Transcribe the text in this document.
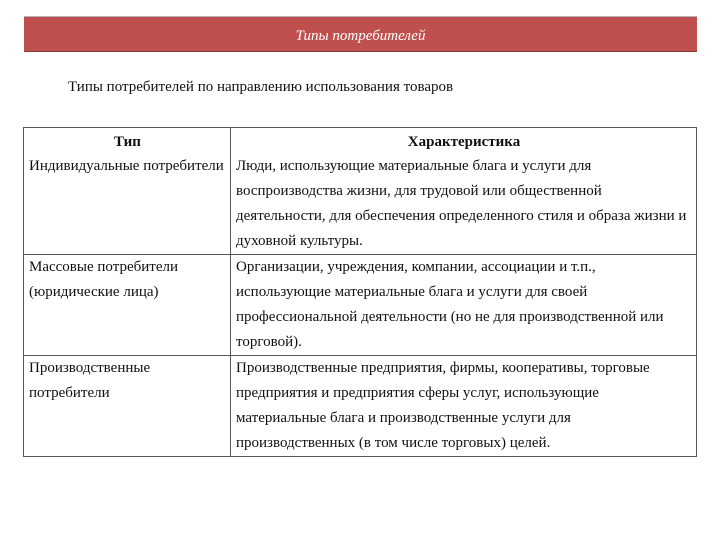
Типы потребителей
Типы потребителей по направлению использования товаров
Тип	Характеристика
Индивидуальные потребители	Люди, использующие материальные блага и услуги для воспроизводства жизни, для трудовой или общественной деятельности, для обеспечения определенного стиля и образа жизни и духовной культуры.
Массовые потребители (юридические лица)	Организации, учреждения, компании, ассоциации и т.п., использующие материальные блага и услуги для своей профессиональной деятельности (но не для производственной или торговой).
Производственные потребители	Производственные предприятия, фирмы, кооперативы, торговые предприятия и предприятия сферы услуг, использующие материальные блага и производственные услуги для производственных (в том числе торговых) целей.
